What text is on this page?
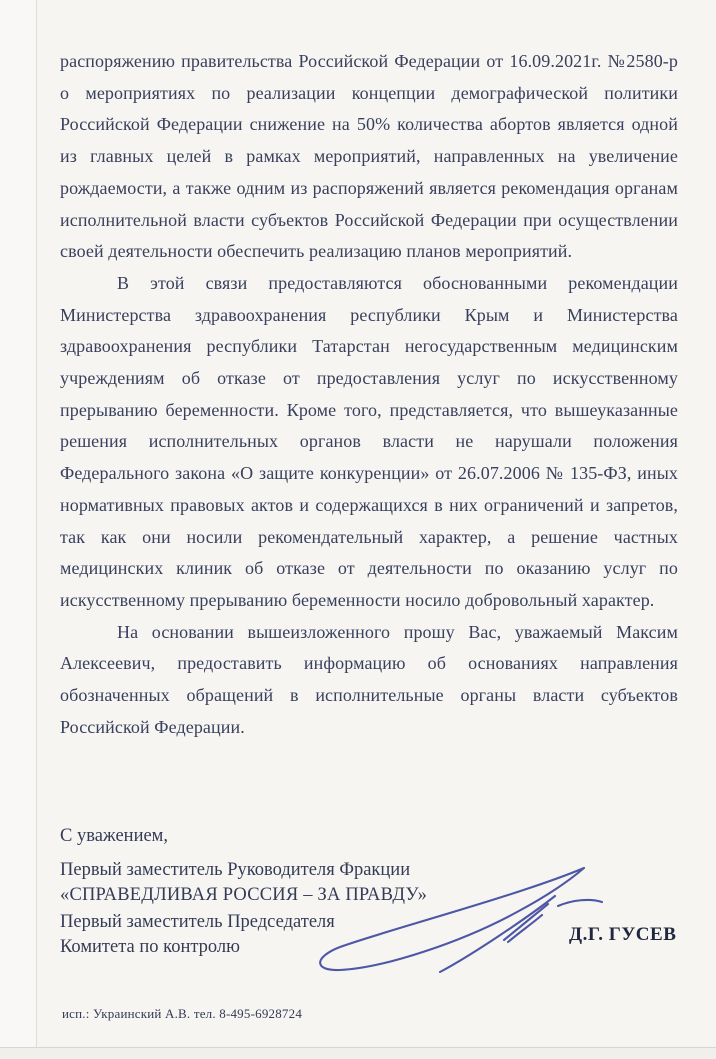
распоряжению правительства Российской Федерации от 16.09.2021г. №2580-р
о мероприятиях по реализации концепции демографической политики
Российской Федерации снижение на 50% количества абортов является одной
из главных целей в рамках мероприятий, направленных на увеличение
рождаемости, а также одним из распоряжений является рекомендация органам
исполнительной власти субъектов Российской Федерации при осуществлении
своей деятельности обеспечить реализацию планов мероприятий.
В этой связи предоставляются обоснованными рекомендации
Министерства здравоохранения республики Крым и Министерства
здравоохранения республики Татарстан негосударственным медицинским
учреждениям об отказе от предоставления услуг по искусственному
прерыванию беременности. Кроме того, представляется, что вышеуказанные
решения исполнительных органов власти не нарушали положения
Федерального закона «О защите конкуренции» от 26.07.2006 № 135-ФЗ, иных
нормативных правовых актов и содержащихся в них ограничений и запретов,
так как они носили рекомендательный характер, а решение частных
медицинских клиник об отказе от деятельности по оказанию услуг по
искусственному прерыванию беременности носило добровольный характер.
На основании вышеизложенного прошу Вас, уважаемый Максим
Алексеевич, предоставить информацию об основаниях направления
обозначенных обращений в исполнительные органы власти субъектов
Российской Федерации.
С уважением,
Первый заместитель Руководителя Фракции
«СПРАВЕДЛИВАЯ РОССИЯ – ЗА ПРАВДУ»
Первый заместитель Председателя
Комитета по контролю
Д.Г. ГУСЕВ
исп.: Украинский А.В. тел. 8-495-6928724
